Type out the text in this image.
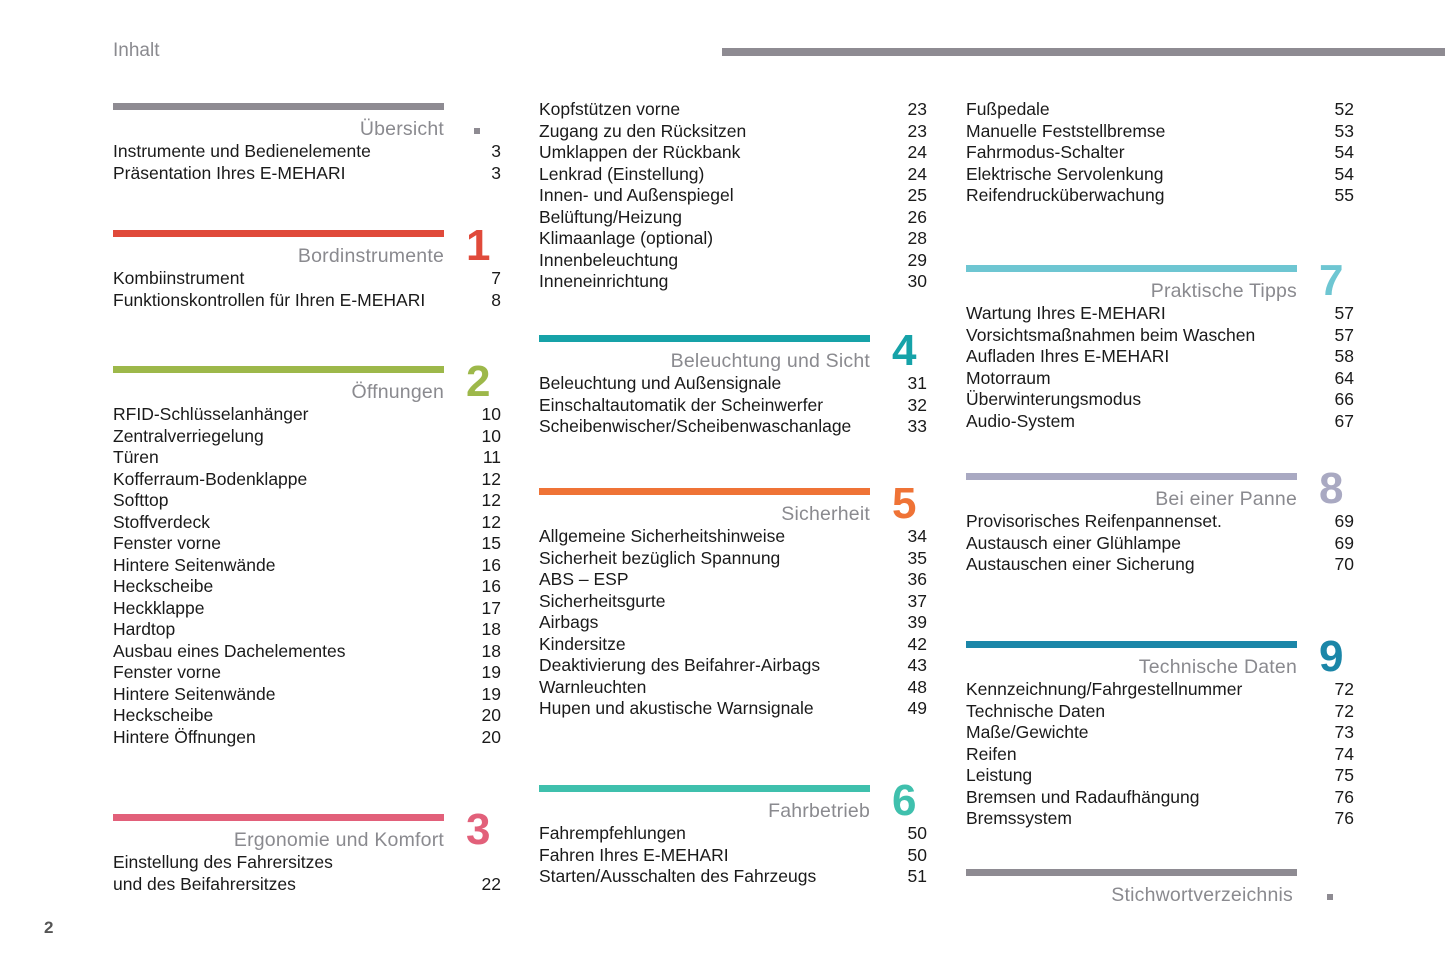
Inhalt
2
Übersicht
Instrumente und Bedienelemente	3
Präsentation Ihres E-MEHARI	3
Bordinstrumente 1
Kombiinstrument	7
Funktionskontrollen für Ihren E-MEHARI	8
Öffnungen 2
RFID-Schlüsselanhänger	10
Zentralverriegelung	10
Türen	11
Kofferraum-Bodenklappe	12
Softtop	12
Stoffverdeck	12
Fenster vorne	15
Hintere Seitenwände	16
Heckscheibe	16
Heckklappe	17
Hardtop	18
Ausbau eines Dachelementes	18
Fenster vorne	19
Hintere Seitenwände	19
Heckscheibe	20
Hintere Öffnungen	20
Ergonomie und Komfort 3
Einstellung des Fahrersitzes
und des Beifahrersitzes	22
Kopfstützen vorne	23
Zugang zu den Rücksitzen	23
Umklappen der Rückbank	24
Lenkrad (Einstellung)	24
Innen- und Außenspiegel	25
Belüftung/Heizung	26
Klimaanlage (optional)	28
Innenbeleuchtung	29
Inneneinrichtung	30
Beleuchtung und Sicht 4
Beleuchtung und Außensignale	31
Einschaltautomatik der Scheinwerfer	32
Scheibenwischer/Scheibenwaschanlage	33
Sicherheit 5
Allgemeine Sicherheitshinweise	34
Sicherheit bezüglich Spannung	35
ABS – ESP	36
Sicherheitsgurte	37
Airbags	39
Kindersitze	42
Deaktivierung des Beifahrer-Airbags	43
Warnleuchten	48
Hupen und akustische Warnsignale	49
Fahrbetrieb 6
Fahrempfehlungen	50
Fahren Ihres E-MEHARI	50
Starten/Ausschalten des Fahrzeugs	51
Fußpedale	52
Manuelle Feststellbremse	53
Fahrmodus-Schalter	54
Elektrische Servolenkung	54
Reifendrucküberwachung	55
Praktische Tipps 7
Wartung Ihres E-MEHARI	57
Vorsichtsmaßnahmen beim Waschen	57
Aufladen Ihres E-MEHARI	58
Motorraum	64
Überwinterungsmodus	66
Audio-System	67
Bei einer Panne 8
Provisorisches Reifenpannenset.	69
Austausch einer Glühlampe	69
Austauschen einer Sicherung	70
Technische Daten 9
Kennzeichnung/Fahrgestellnummer	72
Technische Daten	72
Maße/Gewichte	73
Reifen	74
Leistung	75
Bremsen und Radaufhängung	76
Bremssystem	76
Stichwortverzeichnis
